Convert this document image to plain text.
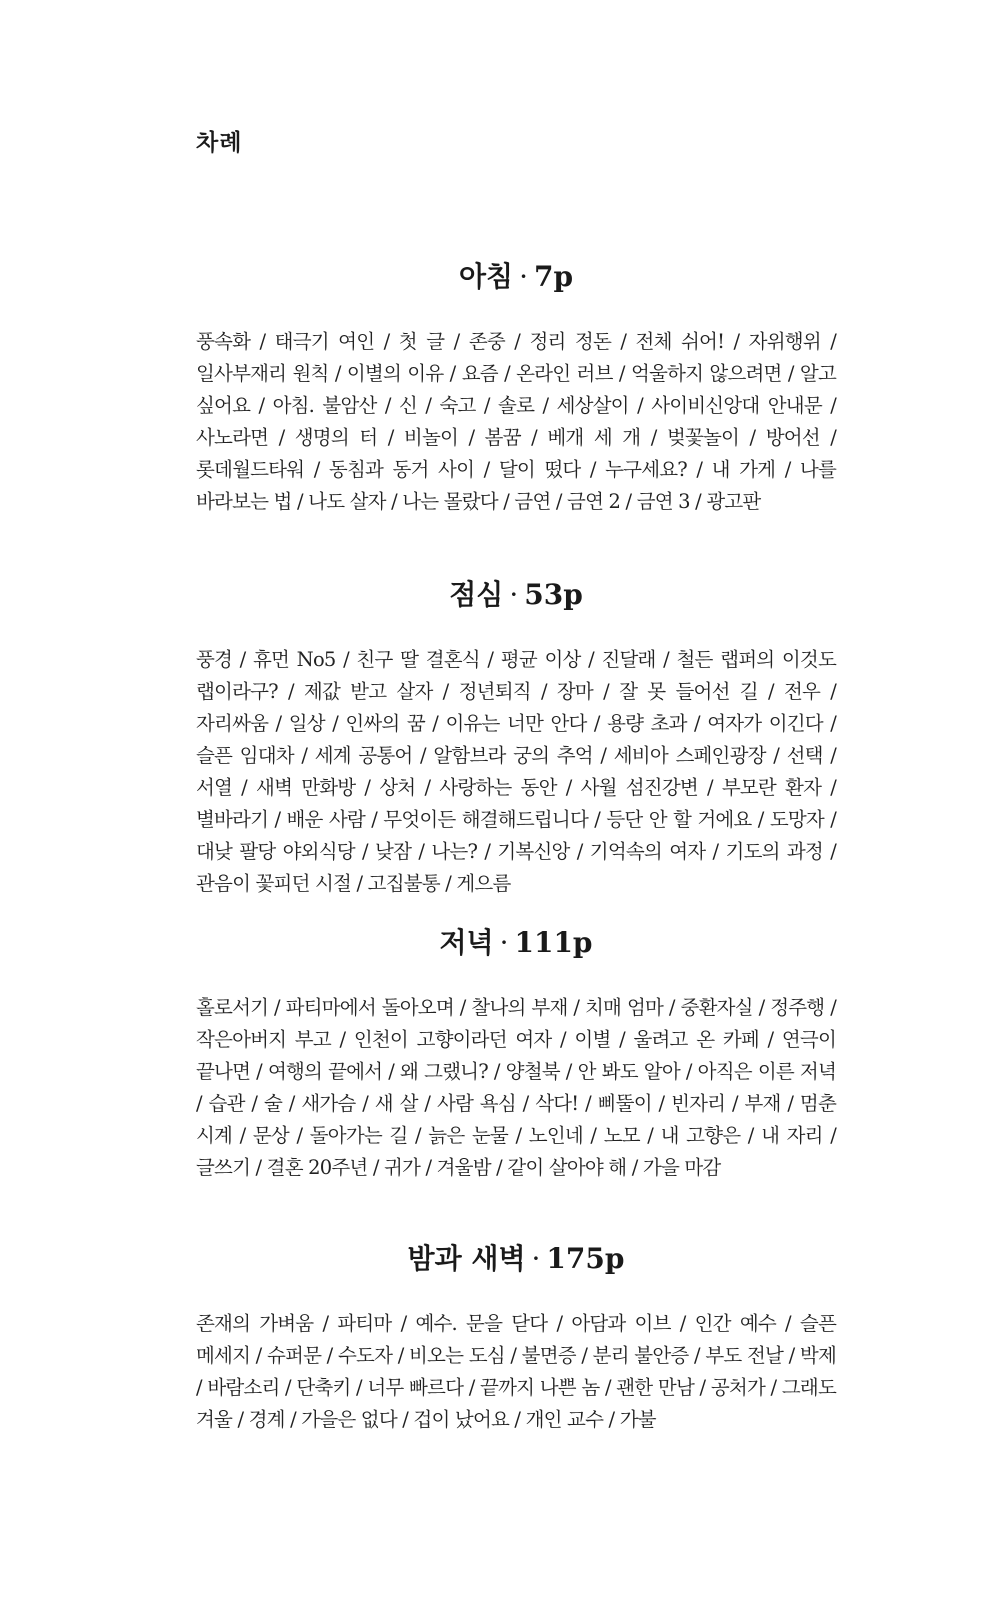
차례
아침 · 7p

풍속화 / 태극기 여인 / 첫 글 / 존중 / 정리 정돈 / 전체 쉬어! / 자위행위 / 일사부재리 원칙 / 이별의 이유 / 요즘 / 온라인 러브 / 억울하지 않으려면 / 알고 싶어요 / 아침. 불암산 / 신 / 숙고 / 솔로 / 세상살이 / 사이비신앙대 안내문 / 사노라면 / 생명의 터 / 비놀이 / 봄꿈 / 베개 세 개 / 벚꽃놀이 / 방어선 / 롯데월드타워 / 동침과 동거 사이 / 달이 떴다 / 누구세요? / 내 가게 / 나를 바라보는 법 / 나도 살자 / 나는 몰랐다 / 금연 / 금연 2 / 금연 3 / 광고판

점심 · 53p

풍경 / 휴먼 No5 / 친구 딸 결혼식 / 평균 이상 / 진달래 / 철든 랩퍼의 이것도 랩이라구? / 제값 받고 살자 / 정년퇴직 / 장마 / 잘 못 들어선 길 / 전우 / 자리싸움 / 일상 / 인싸의 꿈 / 이유는 너만 안다 / 용량 초과 / 여자가 이긴다 / 슬픈 임대차 / 세계 공통어 / 알함브라 궁의 추억 / 세비아 스페인광장 / 선택 / 서열 / 새벽 만화방 / 상처 / 사랑하는 동안 / 사월 섬진강변 / 부모란 환자 / 별바라기 / 배운 사람 / 무엇이든 해결해드립니다 / 등단 안 할 거에요 / 도망자 / 대낮 팔당 야외식당 / 낮잠 / 나는? / 기복신앙 / 기억속의 여자 / 기도의 과정 / 관음이 꽃피던 시절 / 고집불통 / 게으름

저녁 · 111p

홀로서기 / 파티마에서 돌아오며 / 찰나의 부재 / 치매 엄마 / 중환자실 / 정주행 / 작은아버지 부고 / 인천이 고향이라던 여자 / 이별 / 울려고 온 카페 / 연극이 끝나면 / 여행의 끝에서 / 왜 그랬니? / 양철북 / 안 봐도 알아 / 아직은 이른 저녁 / 습관 / 술 / 새가슴 / 새 살 / 사람 욕심 / 삭다! / 삐뚤이 / 빈자리 / 부재 / 멈춘 시계 / 문상 / 돌아가는 길 / 늙은 눈물 / 노인네 / 노모 / 내 고향은 / 내 자리 / 글쓰기 / 결혼 20주년 / 귀가 / 겨울밤 / 같이 살아야 해 / 가을 마감

밤과 새벽 · 175p

존재의 가벼움 / 파티마 / 예수. 문을 닫다 / 아담과 이브 / 인간 예수 / 슬픈 메세지 / 슈퍼문 / 수도자 / 비오는 도심 / 불면증 / 분리 불안증 / 부도 전날 / 박제 / 바람소리 / 단축키 / 너무 빠르다 / 끝까지 나쁜 놈 / 괜한 만남 / 공처가 / 그래도 겨울 / 경계 / 가을은 없다 / 겁이 났어요 / 개인 교수 / 가불
